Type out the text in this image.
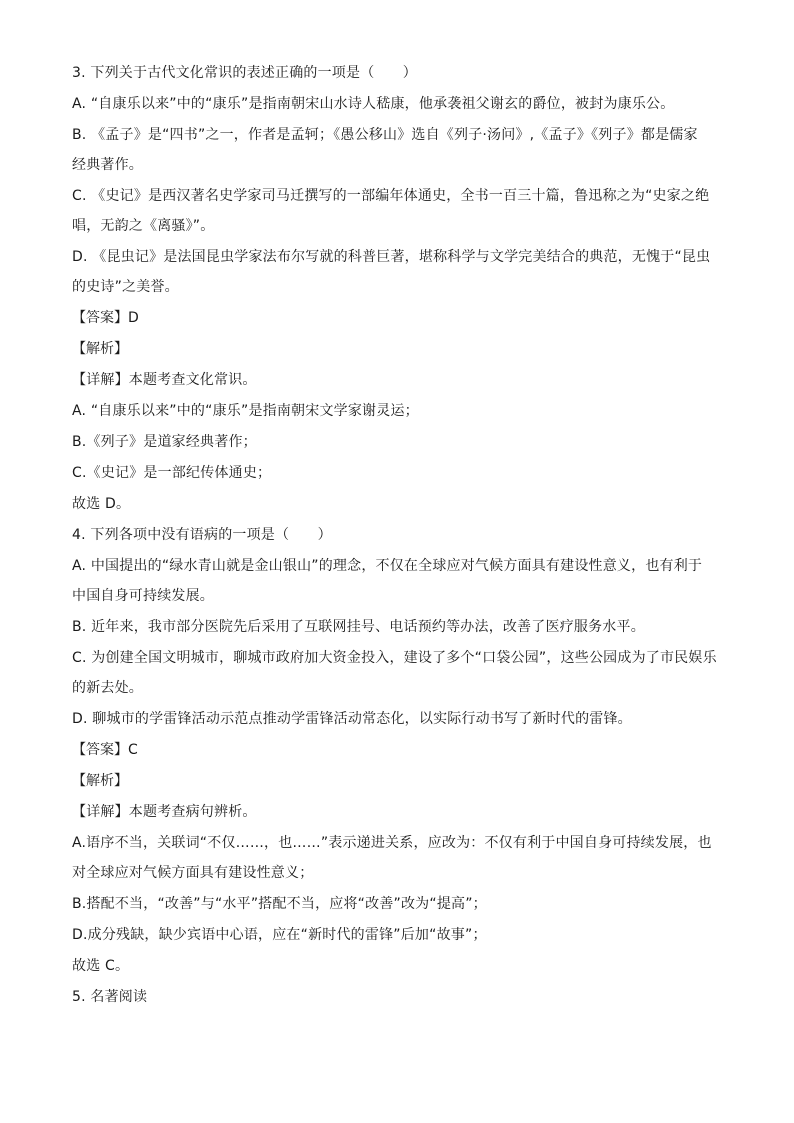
3. 下列关于古代文化常识的表述正确的一项是（　　）
A. “自康乐以来”中的“康乐”是指南朝宋山水诗人嵇康，他承袭祖父谢玄的爵位，被封为康乐公。
B. 《孟子》是“四书”之一，作者是孟轲；《愚公移山》选自《列子·汤问》,《孟子》《列子》都是儒家
经典著作。
C. 《史记》是西汉著名史学家司马迁撰写的一部编年体通史，全书一百三十篇，鲁迅称之为“史家之绝
唱，无韵之《离骚》”。
D. 《昆虫记》是法国昆虫学家法布尔写就的科普巨著，堪称科学与文学完美结合的典范，无愧于“昆虫
的史诗”之美誉。
【答案】D
【解析】
【详解】本题考查文化常识。
A. “自康乐以来”中的“康乐”是指南朝宋文学家谢灵运；
B.《列子》是道家经典著作；
C.《史记》是一部纪传体通史；
故选 D。
4. 下列各项中没有语病的一项是（　　）
A. 中国提出的“绿水青山就是金山银山”的理念，不仅在全球应对气候方面具有建设性意义，也有利于
中国自身可持续发展。
B. 近年来，我市部分医院先后采用了互联网挂号、电话预约等办法，改善了医疗服务水平。
C. 为创建全国文明城市，聊城市政府加大资金投入，建设了多个“口袋公园”，这些公园成为了市民娱乐
的新去处。
D. 聊城市的学雷锋活动示范点推动学雷锋活动常态化，以实际行动书写了新时代的雷锋。
【答案】C
【解析】
【详解】本题考查病句辨析。
A.语序不当，关联词“不仅……，也……”表示递进关系，应改为：不仅有利于中国自身可持续发展，也
对全球应对气候方面具有建设性意义；
B.搭配不当，“改善”与“水平”搭配不当，应将“改善”改为“提高”；
D.成分残缺，缺少宾语中心语，应在“新时代的雷锋”后加“故事”；
故选 C。
5. 名著阅读
